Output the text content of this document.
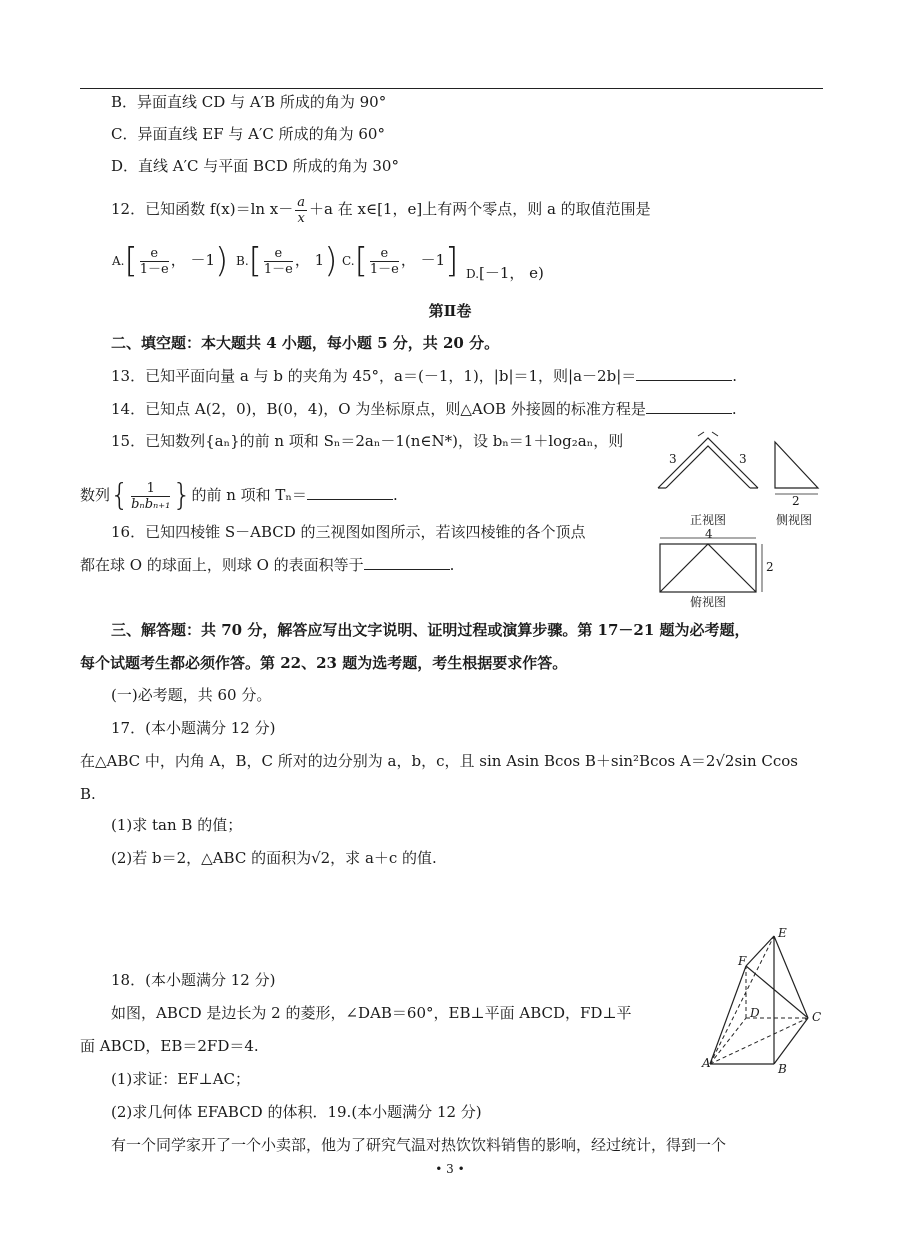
B．异面直线 CD 与 A′B 所成的角为 90°
C．异面直线 EF 与 A′C 所成的角为 60°
D．直线 A′C 与平面 BCD 所成的角为 30°
12．已知函数 f(x)＝ln $x- \frac{a}{x} +a$ 在 x∈[1，e]上有两个零点，则 a 的取值范围是
$A.[ \frac{e}{1-e}$ ， －1) $B.[ \frac{e}{1-e}$ ， 1) $C.[ \frac{e}{1-e}$ ， －1] D.[－1， e)
第Ⅱ卷
二、填空题：本大题共 4 小题，每小题 5 分，共 20 分。
13．已知平面向量 a 与 b 的夹角为 45°，a＝(－1，1)，|b|＝1，则|a－2b|＝	.
14．已知点 A(2，0)，B(0，4)，O 为坐标原点，则△AOB 外接圆的标准方程是	.
15．已知数列{aₙ}的前 n 项和 Sₙ＝2aₙ－1(n∈N*)，设 bₙ＝1＋log₂aₙ，则
数列{ $\frac{1}{\text{bₙbₙ₊₁}}$ }的前 n 项和 Tₙ＝	.
16．已知四棱锥 S－ABCD 的三视图如图所示，若该四棱锥的各个顶点
都在球 O 的球面上，则球 O 的表面积等于	.
3	3
2
正视图	侧视图
4
2
俯视图
三、解答题：共 70 分，解答应写出文字说明、证明过程或演算步骤。第 17－21 题为必考题，
每个试题考生都必须作答。第 22、23 题为选考题，考生根据要求作答。
(一)必考题，共 60 分。
17．(本小题满分 12 分)
在△ABC 中，内角 A，B，C 所对的边分别为 a，b，c，且 sin Asin Bcos B＋sin²Bcos A＝2√2sin Ccos
B.
(1)求 tan B 的值；
(2)若 b＝2，△ABC 的面积为√2，求 a＋c 的值.
18．(本小题满分 12 分)
如图，ABCD 是边长为 2 的菱形，∠DAB＝60°，EB⊥平面 ABCD，FD⊥平
面 ABCD，EB＝2FD＝4.
(1)求证：EF⊥AC；
(2)求几何体 EFABCD 的体积．19.(本小题满分 12 分)
有一个同学家开了一个小卖部，他为了研究气温对热饮饮料销售的影响，经过统计，得到一个
E
F
D	C
A	B
• 3 •
